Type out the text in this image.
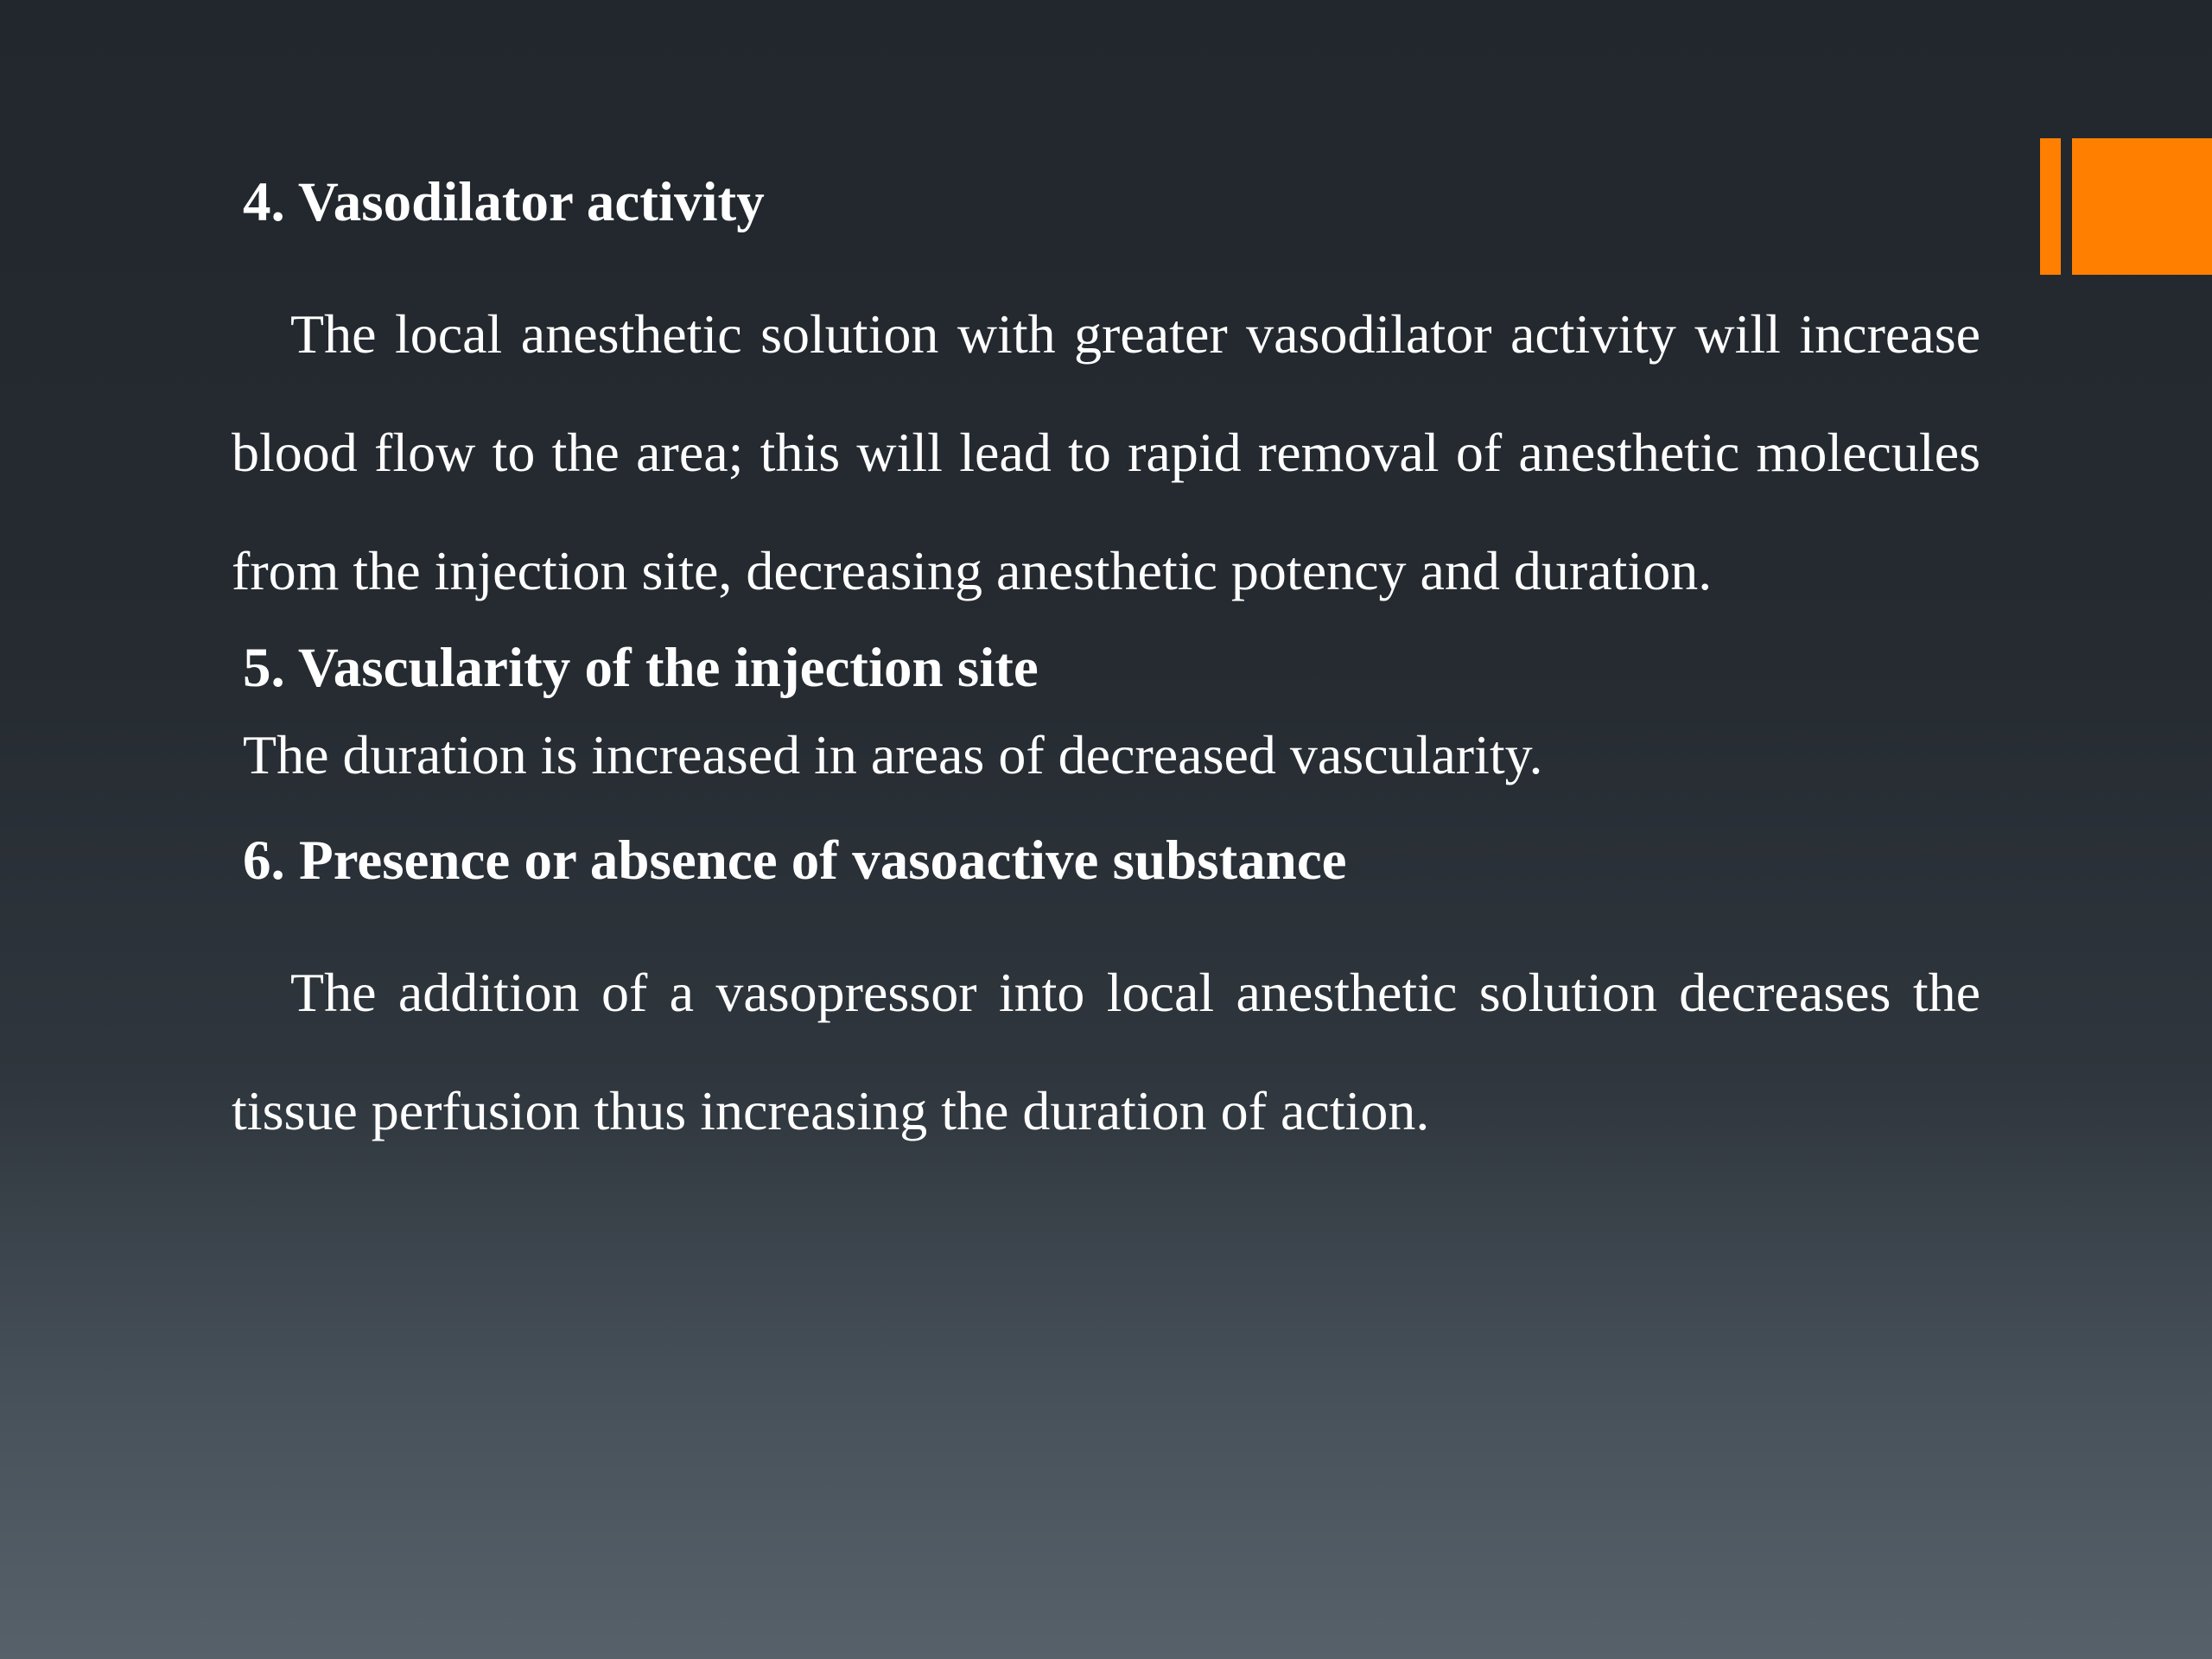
4. Vasodilator activity

The local anesthetic solution with greater vasodilator activity will increase blood flow to the area; this will lead to rapid removal of anesthetic molecules from the injection site, decreasing anesthetic potency and duration.

5. Vascularity of the injection site

The duration is increased in areas of decreased vascularity.

6. Presence or absence of vasoactive substance

The addition of a vasopressor into local anesthetic solution decreases the tissue perfusion thus increasing the duration of action.
